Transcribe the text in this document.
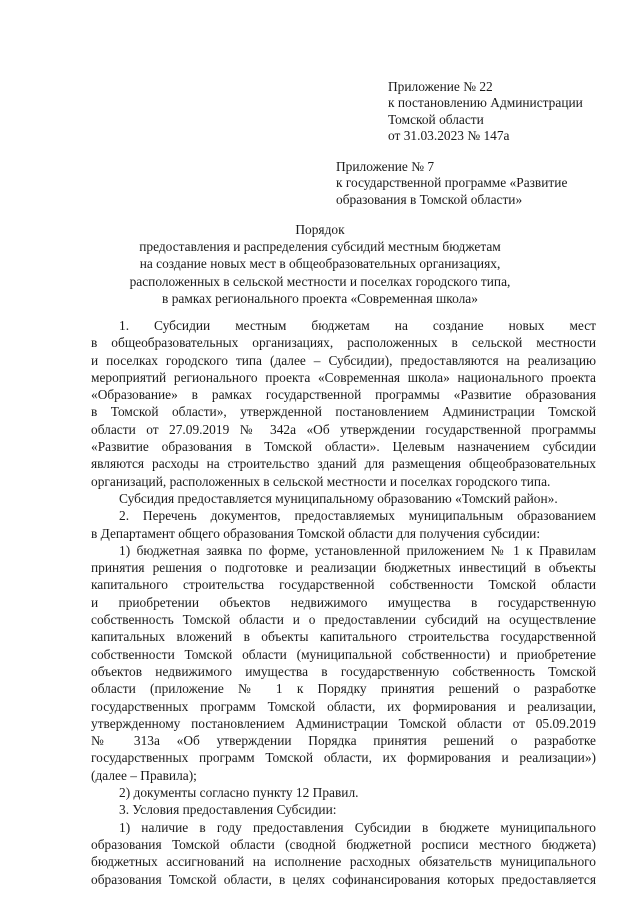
Приложение № 22
к постановлению Администрации
Томской области
от 31.03.2023 № 147а
Приложение № 7
к государственной программе «Развитие
образования в Томской области»
Порядок
предоставления и распределения субсидий местным бюджетам
на создание новых мест в общеобразовательных организациях,
расположенных в сельской местности и поселках городского типа,
в рамках регионального проекта «Современная школа»
1. Субсидии местным бюджетам на создание новых мест
в общеобразовательных организациях, расположенных в сельской местности
и поселках городского типа (далее – Субсидии), предоставляются на реализацию
мероприятий регионального проекта «Современная школа» национального проекта
«Образование» в рамках государственной программы «Развитие образования
в Томской области», утвержденной постановлением Администрации Томской
области от 27.09.2019 № 342а «Об утверждении государственной программы
«Развитие образования в Томской области». Целевым назначением субсидии
являются расходы на строительство зданий для размещения общеобразовательных
организаций, расположенных в сельской местности и поселках городского типа.
Субсидия предоставляется муниципальному образованию «Томский район».
2. Перечень документов, предоставляемых муниципальным образованием
в Департамент общего образования Томской области для получения субсидии:
1) бюджетная заявка по форме, установленной приложением № 1 к Правилам
принятия решения о подготовке и реализации бюджетных инвестиций в объекты
капитального строительства государственной собственности Томской области
и приобретении объектов недвижимого имущества в государственную
собственность Томской области и о предоставлении субсидий на осуществление
капитальных вложений в объекты капитального строительства государственной
собственности Томской области (муниципальной собственности) и приобретение
объектов недвижимого имущества в государственную собственность Томской
области (приложение № 1 к Порядку принятия решений о разработке
государственных программ Томской области, их формирования и реализации,
утвержденному постановлением Администрации Томской области от 05.09.2019
№ 313а «Об утверждении Порядка принятия решений о разработке
государственных программ Томской области, их формирования и реализации»)
(далее – Правила);
2) документы согласно пункту 12 Правил.
3. Условия предоставления Субсидии:
1) наличие в году предоставления Субсидии в бюджете муниципального
образования Томской области (сводной бюджетной росписи местного бюджета)
бюджетных ассигнований на исполнение расходных обязательств муниципального
образования Томской области, в целях софинансирования которых предоставляется
